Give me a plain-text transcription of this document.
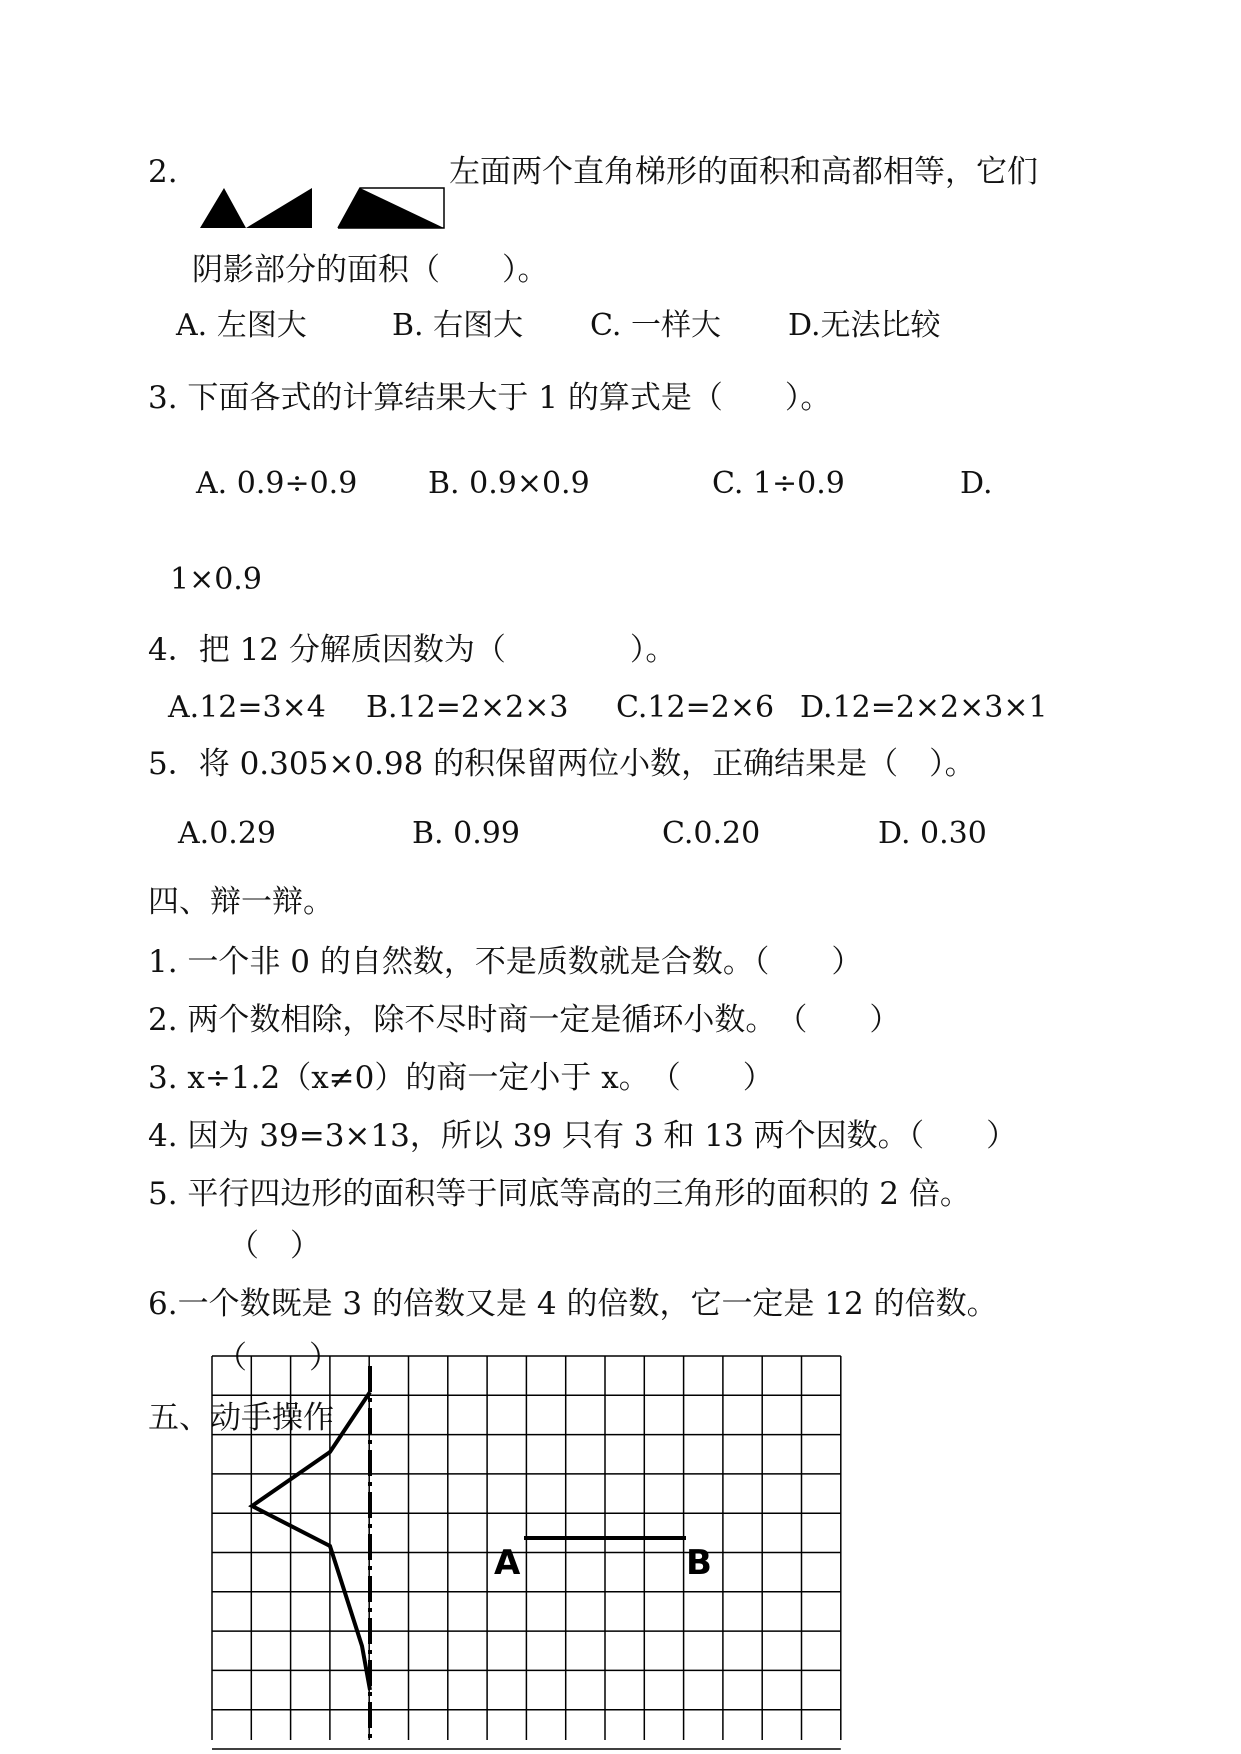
2.	左面两个直角梯形的面积和高都相等，它们
阴影部分的面积（　　）。
A. 左图大	B. 右图大 C. 一样大 D.无法比较
3. 下面各式的计算结果大于 1 的算式是（　　）。
A. 0.9÷0.9 B. 0.9×0.9	C. 1÷0.9	D.
1×0.9
4．把 12 分解质因数为（　　　　）。
A.12=3×4 B.12=2×2×3 C.12=2×6 D.12=2×2×3×1
5．将 0.305×0.98 的积保留两位小数，正确结果是（　）。
A.0.29	B. 0.99	C.0.20	D. 0.30
四、辩一辩。
1. 一个非 0 的自然数，不是质数就是合数。（　　）
2. 两个数相除，除不尽时商一定是循环小数。　（　　）
3. x÷1.2（x≠0）的商一定小于 x。　（　　）
4. 因为 39=3×13，所以 39 只有 3 和 13 两个因数。（　　）
5. 平行四边形的面积等于同底等高的三角形的面积的 2 倍。
（　）
6.一个数既是 3 的倍数又是 4 的倍数，它一定是 12 的倍数。
（　　）
五、动手操作
A	B
